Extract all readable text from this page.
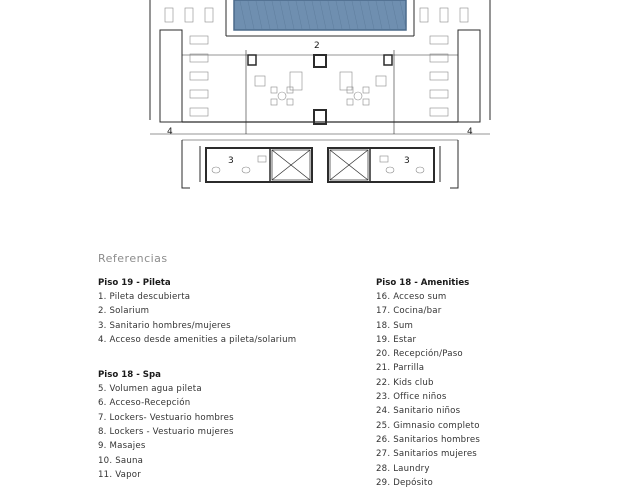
2
3	3
4	4
Referencias
Piso 19 - Pileta
1. Pileta descubierta
2. Solarium
3. Sanitario hombres/mujeres
4. Acceso desde amenities a pileta/solarium
Piso 18 - Spa
5. Volumen agua pileta
6. Acceso-Recepción
7. Lockers- Vestuario hombres
8. Lockers - Vestuario mujeres
9. Masajes
10. Sauna
11. Vapor
Piso 18 - Amenities
16. Acceso sum
17. Cocina/bar
18. Sum
19. Estar
20. Recepción/Paso
21. Parrilla
22. Kids club
23. Office niños
24. Sanitario niños
25. Gimnasio completo
26. Sanitarios hombres
27. Sanitarios mujeres
28. Laundry
29. Depósito
